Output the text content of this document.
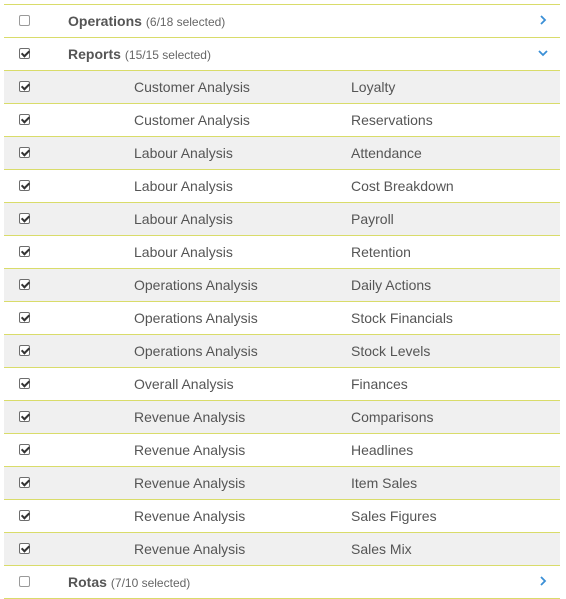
Operations (6/18 selected)
Reports (15/15 selected)
Customer Analysis	Loyalty
Customer Analysis	Reservations
Labour Analysis	Attendance
Labour Analysis	Cost Breakdown
Labour Analysis	Payroll
Labour Analysis	Retention
Operations Analysis	Daily Actions
Operations Analysis	Stock Financials
Operations Analysis	Stock Levels
Overall Analysis	Finances
Revenue Analysis	Comparisons
Revenue Analysis	Headlines
Revenue Analysis	Item Sales
Revenue Analysis	Sales Figures
Revenue Analysis	Sales Mix
Rotas (7/10 selected)
